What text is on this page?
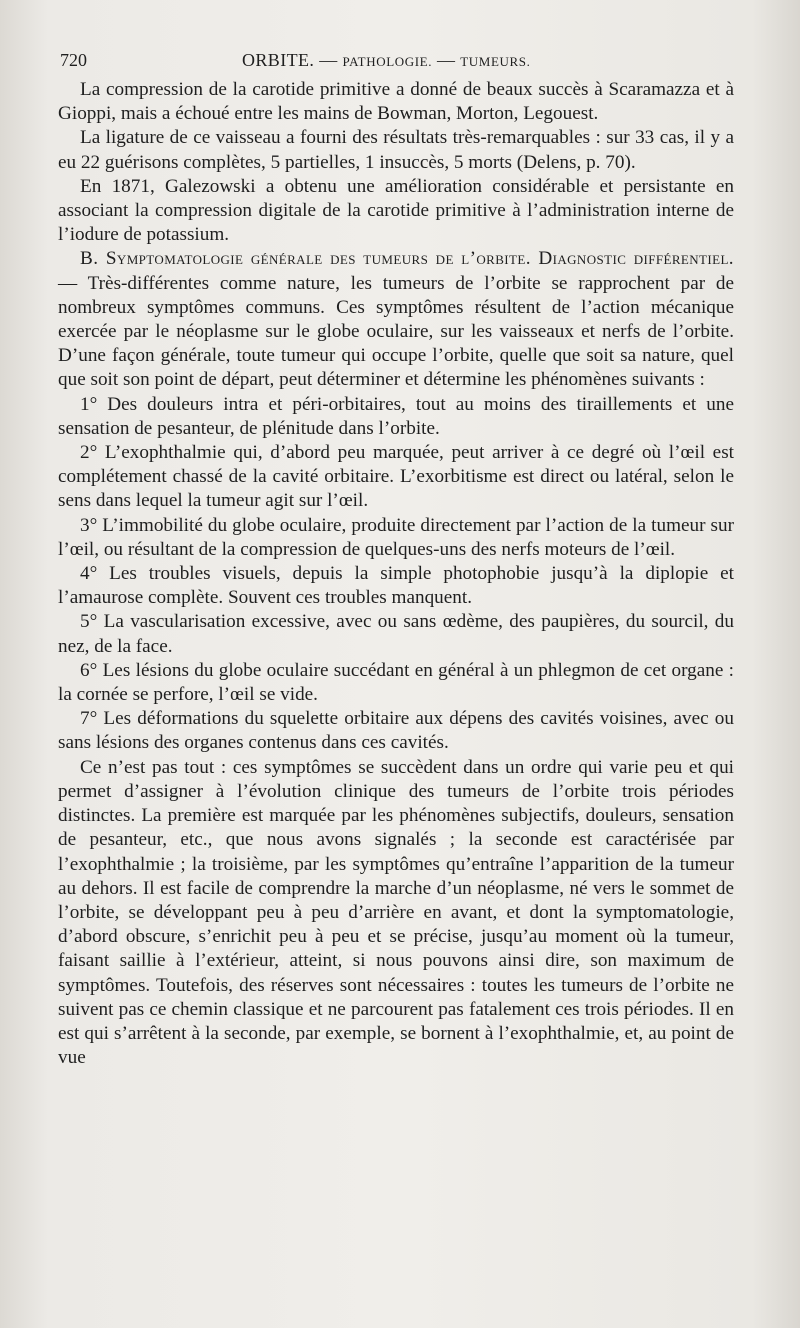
720	ORBITE. — PATHOLOGIE. — TUMEURS.

La compression de la carotide primitive a donné de beaux succès à Scaramazza et à Gioppi, mais a échoué entre les mains de Bowman, Morton, Legouest.

La ligature de ce vaisseau a fourni des résultats très-remarquables : sur 33 cas, il y a eu 22 guérisons complètes, 5 partielles, 1 insuccès, 5 morts (Delens, p. 70).

En 1871, Galezowski a obtenu une amélioration considérable et persistante en associant la compression digitale de la carotide primitive à l’administration interne de l’iodure de potassium.

B. Symptomatologie générale des tumeurs de l’orbite. Diagnostic différentiel. — Très-différentes comme nature, les tumeurs de l’orbite se rapprochent par de nombreux symptômes communs. Ces symptômes résultent de l’action mécanique exercée par le néoplasme sur le globe oculaire, sur les vaisseaux et nerfs de l’orbite. D’une façon générale, toute tumeur qui occupe l’orbite, quelle que soit sa nature, quel que soit son point de départ, peut déterminer et détermine les phénomènes suivants :

1° Des douleurs intra et péri-orbitaires, tout au moins des tiraillements et une sensation de pesanteur, de plénitude dans l’orbite.

2° L’exophthalmie qui, d’abord peu marquée, peut arriver à ce degré où l’œil est complétement chassé de la cavité orbitaire. L’exorbitisme est direct ou latéral, selon le sens dans lequel la tumeur agit sur l’œil.

3° L’immobilité du globe oculaire, produite directement par l’action de la tumeur sur l’œil, ou résultant de la compression de quelques-uns des nerfs moteurs de l’œil.

4° Les troubles visuels, depuis la simple photophobie jusqu’à la diplopie et l’amaurose complète. Souvent ces troubles manquent.

5° La vascularisation excessive, avec ou sans œdème, des paupières, du sourcil, du nez, de la face.

6° Les lésions du globe oculaire succédant en général à un phlegmon de cet organe : la cornée se perfore, l’œil se vide.

7° Les déformations du squelette orbitaire aux dépens des cavités voisines, avec ou sans lésions des organes contenus dans ces cavités.

Ce n’est pas tout : ces symptômes se succèdent dans un ordre qui varie peu et qui permet d’assigner à l’évolution clinique des tumeurs de l’orbite trois périodes distinctes. La première est marquée par les phénomènes subjectifs, douleurs, sensation de pesanteur, etc., que nous avons signalés ; la seconde est caractérisée par l’exophthalmie ; la troisième, par les symptômes qu’entraîne l’apparition de la tumeur au dehors. Il est facile de comprendre la marche d’un néoplasme, né vers le sommet de l’orbite, se développant peu à peu d’arrière en avant, et dont la symptomatologie, d’abord obscure, s’enrichit peu à peu et se précise, jusqu’au moment où la tumeur, faisant saillie à l’extérieur, atteint, si nous pouvons ainsi dire, son maximum de symptômes. Toutefois, des réserves sont nécessaires : toutes les tumeurs de l’orbite ne suivent pas ce chemin classique et ne parcourent pas fatalement ces trois périodes. Il en est qui s’arrêtent à la seconde, par exemple, se bornent à l’exophthalmie, et, au point de vue
